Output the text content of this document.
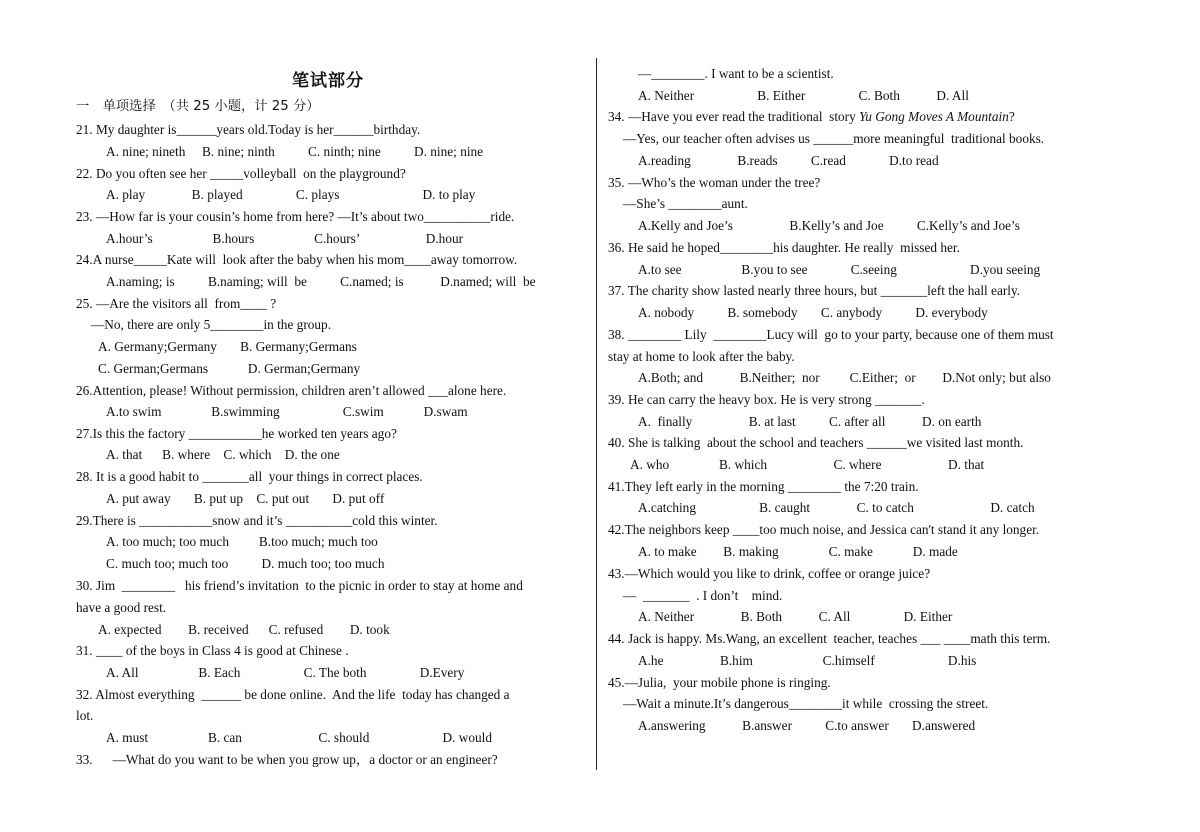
笔试部分
一　单项选择　（共 25 小题，计 25 分）
21. My daughter is______years old.Today is her______birthday.
A. nine; nineth     B. nine; ninth          C. ninth; nine          D. nine; nine
22. Do you often see her _____volleyball  on the playground?
A. play              B. played                C. plays                         D. to play
23. —How far is your cousin’s home from here? —It’s about two__________ride.
A.hour’s                  B.hours                  C.hours’                    D.hour
24.A nurse_____Kate will  look after the baby when his mom____away tomorrow.
A.naming; is          B.naming; will  be          C.named; is           D.named; will  be
25. —Are the visitors all  from____ ?
—No, there are only 5________in the group.
A. Germany;Germany       B. Germany;Germans
C. German;Germans            D. German;Germany
26.Attention, please! Without permission, children aren’t allowed ___alone here.
A.to swim               B.swimming                   C.swim            D.swam
27.Is this the factory ___________he worked ten years ago?
A. that      B. where    C. which    D. the one
28. It is a good habit to _______all  your things in correct places.
A. put away       B. put up    C. put out       D. put off
29.There is ___________snow and it’s __________cold this winter.
A. too much; too much         B.too much; much too
C. much too; much too          D. much too; too much
30. Jim  ________   his friend’s invitation  to the picnic in order to stay at home and
have a good rest.
A. expected        B. received      C. refused        D. took
31. ____ of the boys in Class 4 is good at Chinese .
A. All                  B. Each                   C. The both                D.Every
32. Almost everything  ______ be done online.  And the life  today has changed a
lot.
A. must                  B. can                       C. should                      D. would
33.      —What do you want to be when you grow up，a doctor or an engineer?
—________. I want to be a scientist.
A. Neither                   B. Either                C. Both           D. All
34. —Have you ever read the traditional  story Yu Gong Moves A Mountain?
—Yes, our teacher often advises us ______more meaningful  traditional books.
A.reading              B.reads          C.read             D.to read
35. —Who’s the woman under the tree?
—She’s ________aunt.
A.Kelly and Joe’s                 B.Kelly’s and Joe          C.Kelly’s and Joe’s
36. He said he hoped________his daughter. He really  missed her.
A.to see                  B.you to see             C.seeing                      D.you seeing
37. The charity show lasted nearly three hours, but _______left the hall early.
A. nobody          B. somebody       C. anybody          D. everybody
38. ________ Lily  ________Lucy will  go to your party, because one of them must
stay at home to look after the baby.
A.Both; and           B.Neither;  nor         C.Either;  or        D.Not only; but also
39. He can carry the heavy box. He is very strong _______.
A.  finally                 B. at last          C. after all           D. on earth
40. She is talking  about the school and teachers ______we visited last month.
A. who               B. which                    C. where                    D. that
41.They left early in the morning ________ the 7:20 train.
A.catching                   B. caught              C. to catch                       D. catch
42.The neighbors keep ____too much noise, and Jessica can't stand it any longer.
A. to make        B. making               C. make            D. made
43.—Which would you like to drink, coffee or orange juice?
—  _______  . I don’t    mind.
A. Neither              B. Both           C. All                D. Either
44. Jack is happy. Ms.Wang, an excellent  teacher, teaches ___ ____math this term.
A.he                 B.him                     C.himself                      D.his
45.—Julia,  your mobile phone is ringing.
—Wait a minute.It’s dangerous________it while  crossing the street.
A.answering           B.answer          C.to answer       D.answered
